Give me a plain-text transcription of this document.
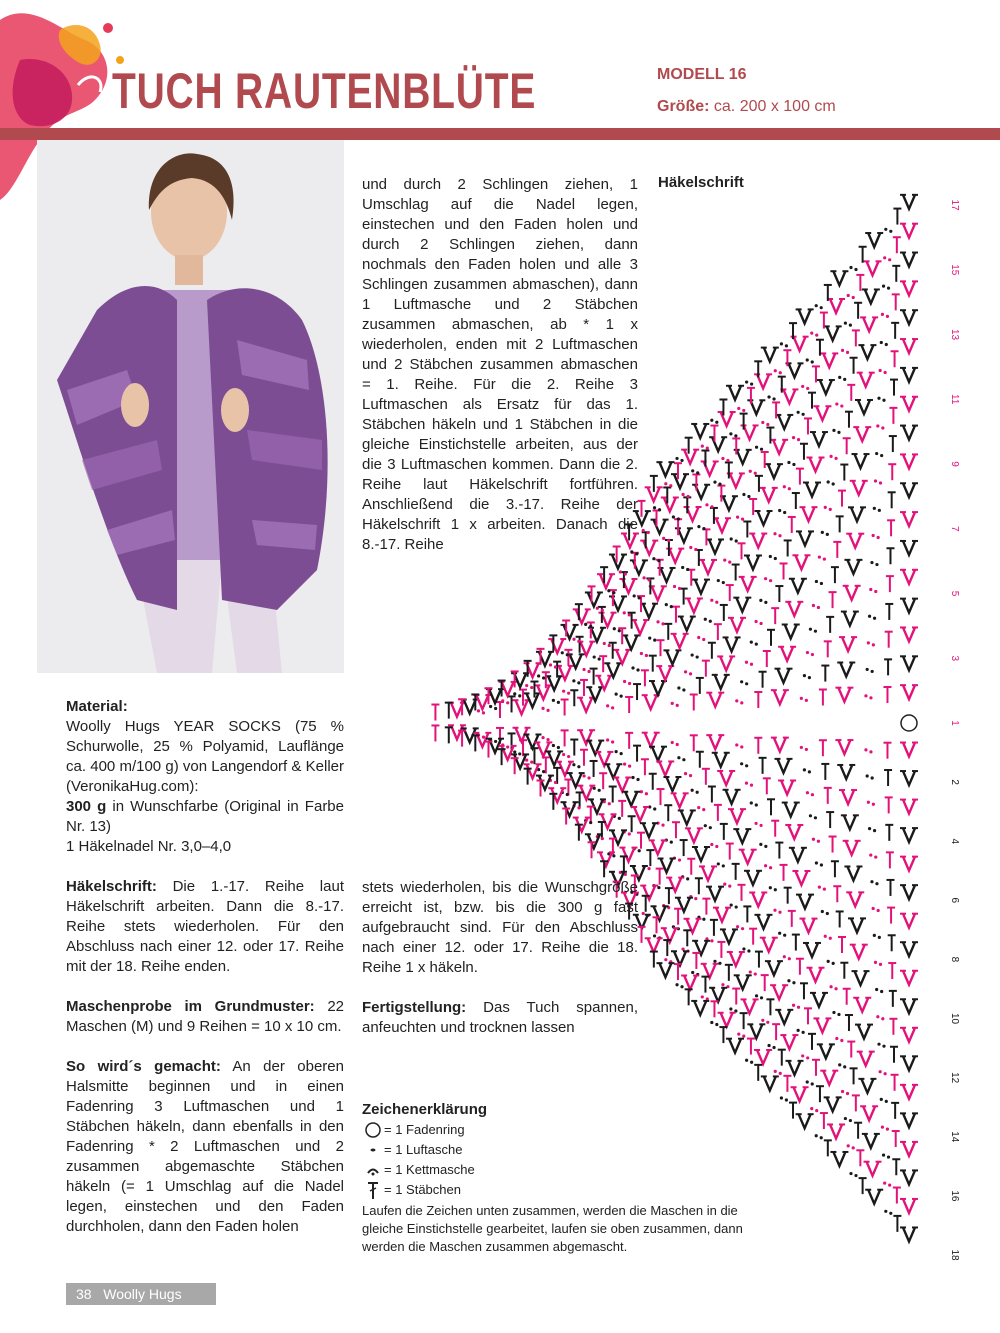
TUCH RAUTENBLÜTE	MODELL 16
Größe: ca. 200 x 100 cm

und durch 2 Schlingen ziehen, 1 Umschlag auf die Nadel legen, einstechen und den Faden holen und durch 2 Schlingen ziehen, dann nochmals den Faden holen und alle 3 Schlingen zusammen abmaschen), dann 1 Luftmasche und 2 Stäbchen zusammen abmaschen, ab * 1 x wiederholen, enden mit 2 Luftmaschen und 2 Stäbchen zusammen abmaschen = 1. Reihe. Für die 2. Reihe 3 Luftmaschen als Ersatz für das 1. Stäbchen häkeln und 1 Stäbchen in die gleiche Einstichstelle arbeiten, aus der die 3 Luftmaschen kommen. Dann die 2. Reihe laut Häkelschrift fortführen. Anschließend die 3.-17. Reihe der Häkelschrift 1 x arbeiten. Danach die 8.-17. Reihe

Häkelschrift
1
2
3
4
5
6
7
8
9
10
11
12
13
14
15
16
17
18

Material:
Woolly Hugs YEAR SOCKS (75 % Schurwolle, 25 % Polyamid, Lauflänge ca. 400 m/100 g) von Langendorf & Keller (VeronikaHug.com):
300 g in Wunschfarbe (Original in Farbe Nr. 13)
1 Häkelnadel Nr. 3,0–4,0

Häkelschrift: Die 1.-17. Reihe laut Häkelschrift arbeiten. Dann die 8.-17. Reihe stets wiederholen. Für den Abschluss nach einer 12. oder 17. Reihe mit der 18. Reihe enden.

Maschenprobe im Grundmuster: 22 Maschen (M) und 9 Reihen = 10 x 10 cm.

So wird´s gemacht: An der oberen Halsmitte beginnen und in einen Fadenring 3 Luftmaschen und 1 Stäbchen häkeln, dann ebenfalls in den Fadenring * 2 Luftmaschen und 2 zusammen abgemaschte Stäbchen häkeln (= 1 Umschlag auf die Nadel legen, einstechen und den Faden durchholen, dann den Faden holen

stets wiederholen, bis die Wunschgröße erreicht ist, bzw. bis die 300 g fast aufgebraucht sind. Für den Abschluss nach einer 12. oder 17. Reihe die 18. Reihe 1 x häkeln.

Fertigstellung: Das Tuch spannen, anfeuchten und trocknen lassen

Zeichenerklärung
= 1 Fadenring
= 1 Luftasche
= 1 Kettmasche
= 1 Stäbchen
Laufen die Zeichen unten zusammen, werden die Maschen in die gleiche Einstichstelle gearbeitet, laufen sie oben zusammen, dann werden die Maschen zusammen abgemascht.
38 Woolly Hugs
